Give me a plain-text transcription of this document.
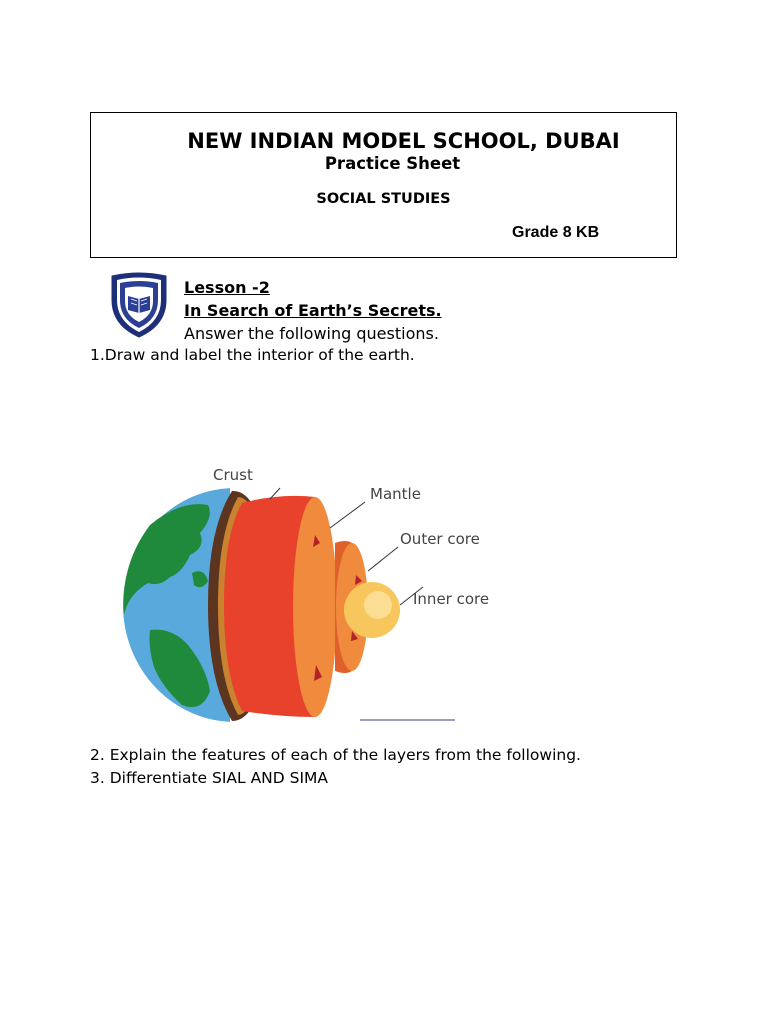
NEW INDIAN MODEL SCHOOL, DUBAI
Practice Sheet
SOCIAL STUDIES
Grade 8 KB
Lesson -2
In Search of Earth’s Secrets.
Answer the following questions.
1.Draw and label the interior of the earth.
Crust
Mantle
Outer core
Inner core
2. Explain the features of each of the layers from the following.
3. Differentiate SIAL AND SIMA
